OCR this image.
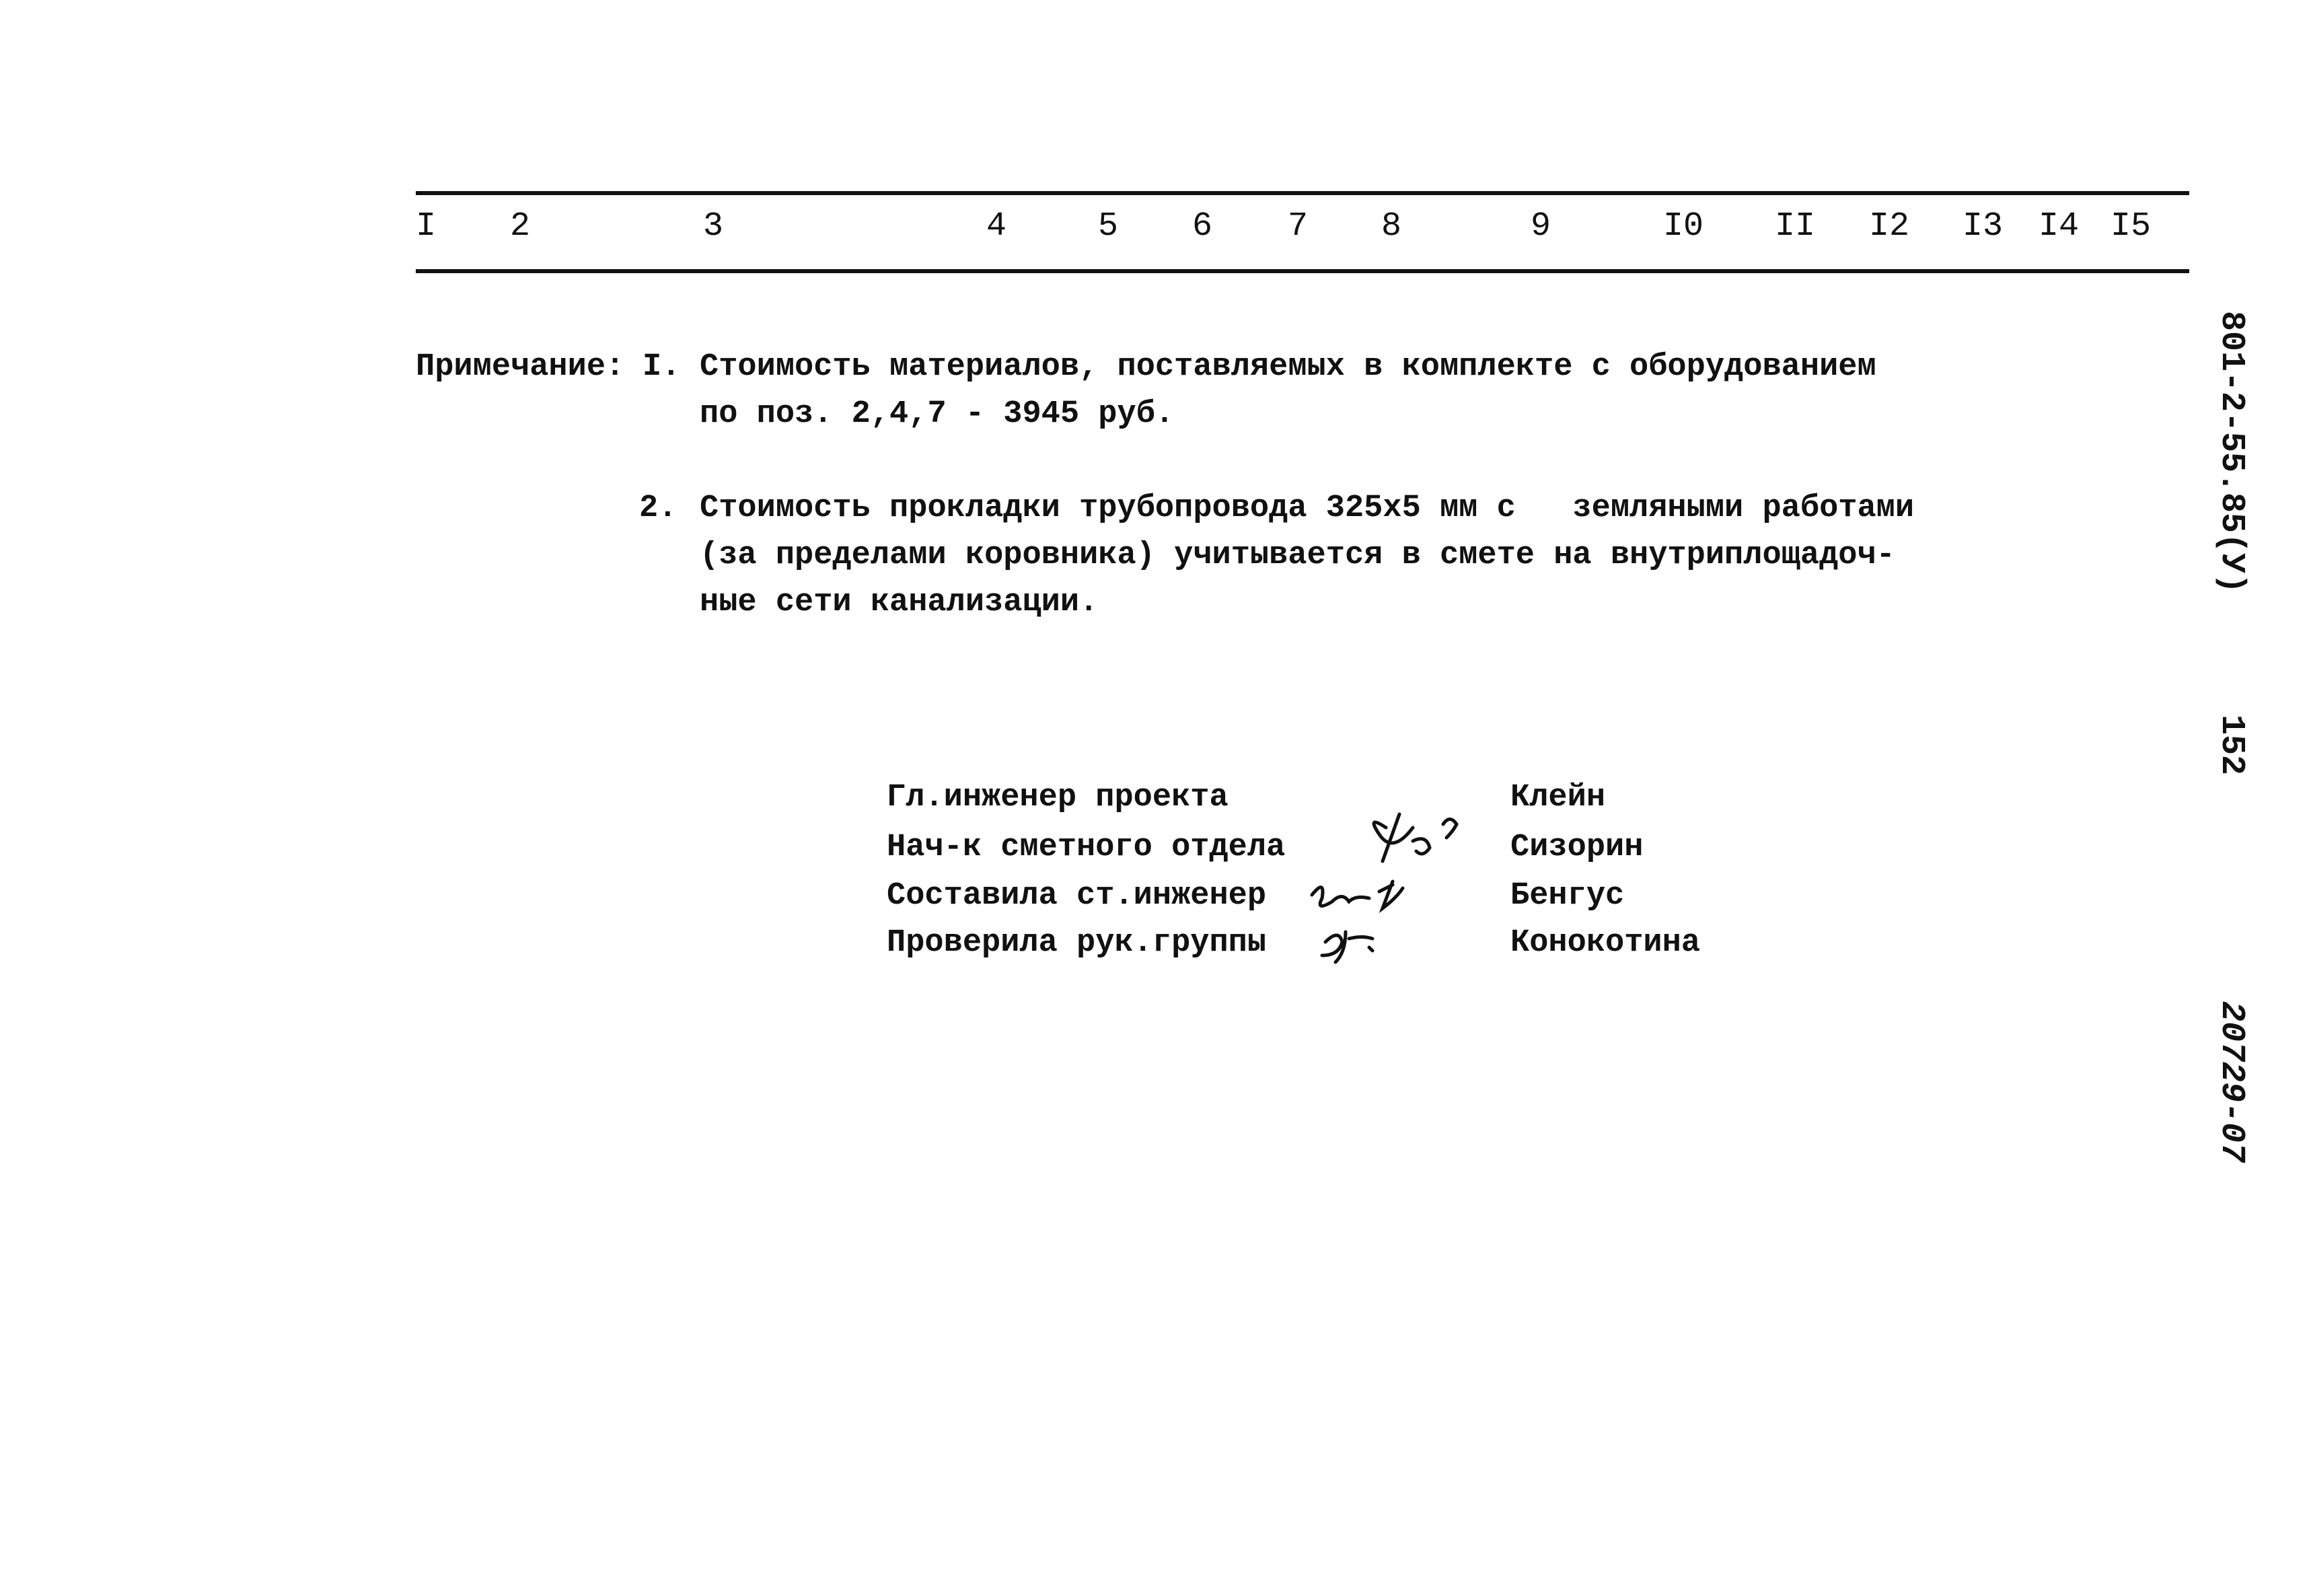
I 2	3	4	5 6 7 8	9	I0 II I2 I3 I4 I5
Примечание: I. Стоимость материалов, поставляемых в комплекте с оборудованием
по поз. 2,4,7 - 3945 руб.
2. Стоимость прокладки трубопровода 325х5 мм с   земляными работами
(за пределами коровника) учитывается в смете на внутриплощадоч-
ные сети канализации.
Гл.инженер проекта	Клейн
Нач-к сметного отдела	Сизорин
Составила ст.инженер	Бенгус
Проверила рук.группы	Конокотина
801-2-55.85(У)
152
20729-07
